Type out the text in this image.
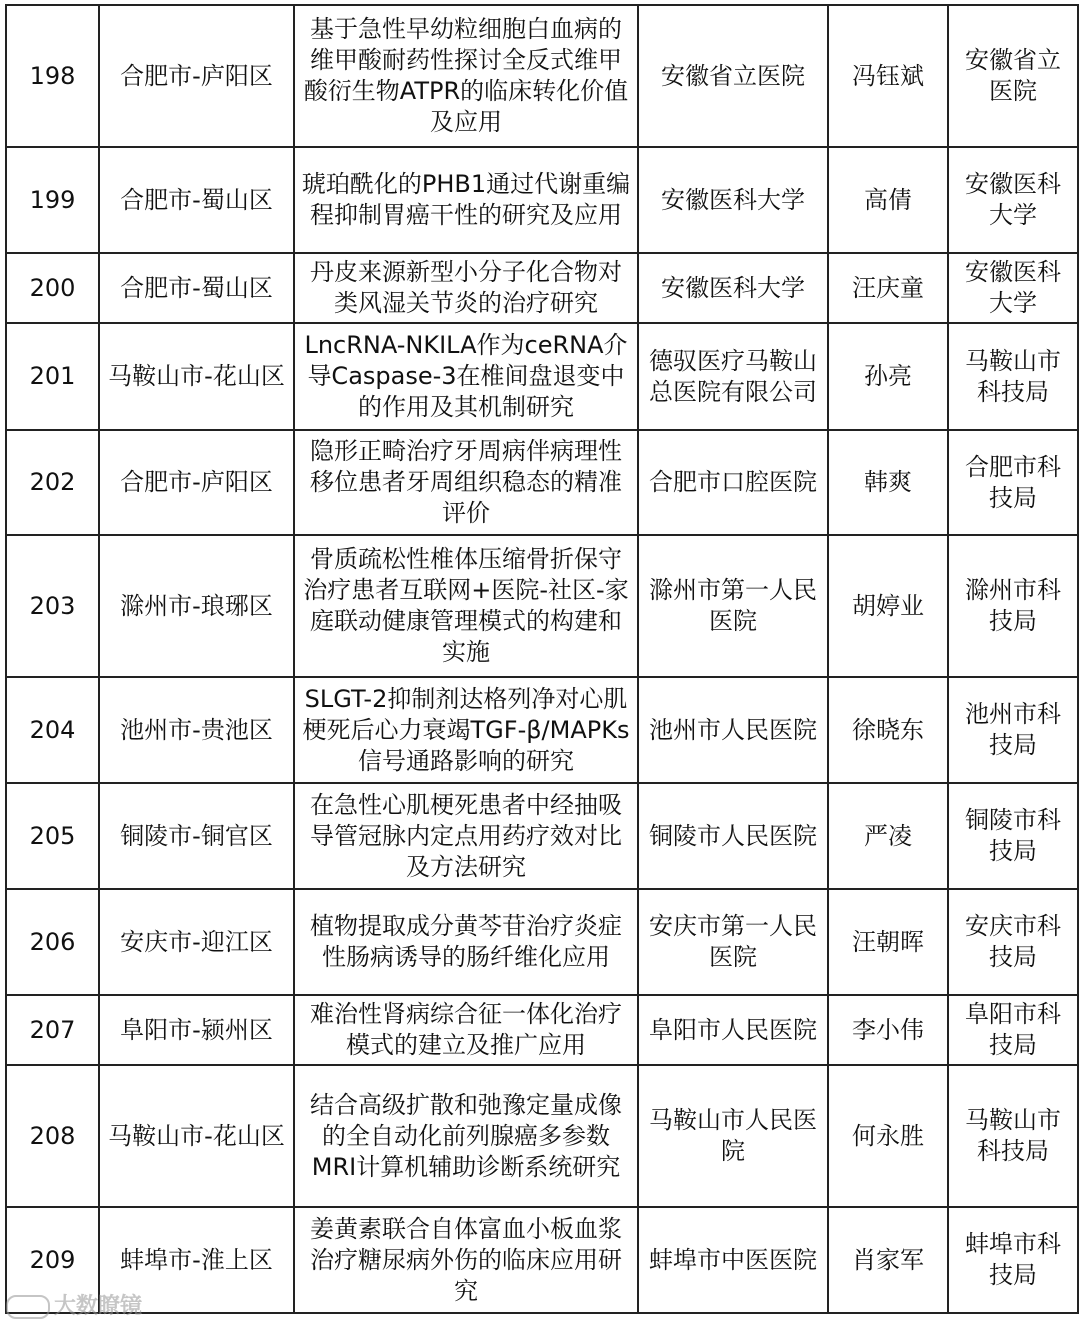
198	合肥市-庐阳区	基于急性早幼粒细胞白血病的维甲酸耐药性探讨全反式维甲酸衍生物ATPR的临床转化价值及应用	安徽省立医院	冯钰斌	安徽省立医院
199	合肥市-蜀山区	琥珀酰化的PHB1通过代谢重编程抑制胃癌干性的研究及应用	安徽医科大学	高倩	安徽医科大学
200	合肥市-蜀山区	丹皮来源新型小分子化合物对类风湿关节炎的治疗研究	安徽医科大学	汪庆童	安徽医科大学
201	马鞍山市-花山区	LncRNA-NKILA作为ceRNA介导Caspase-3在椎间盘退变中的作用及其机制研究	德驭医疗马鞍山总医院有限公司	孙亮	马鞍山市科技局
202	合肥市-庐阳区	隐形正畸治疗牙周病伴病理性移位患者牙周组织稳态的精准评价	合肥市口腔医院	韩爽	合肥市科技局
203	滁州市-琅琊区	骨质疏松性椎体压缩骨折保守治疗患者互联网+医院-社区-家庭联动健康管理模式的构建和实施	滁州市第一人民医院	胡婷业	滁州市科技局
204	池州市-贵池区	SLGT-2抑制剂达格列净对心肌梗死后心力衰竭TGF-β/MAPKs信号通路影响的研究	池州市人民医院	徐晓东	池州市科技局
205	铜陵市-铜官区	在急性心肌梗死患者中经抽吸导管冠脉内定点用药疗效对比及方法研究	铜陵市人民医院	严凌	铜陵市科技局
206	安庆市-迎江区	植物提取成分黄芩苷治疗炎症性肠病诱导的肠纤维化应用	安庆市第一人民医院	汪朝晖	安庆市科技局
207	阜阳市-颍州区	难治性肾病综合征一体化治疗模式的建立及推广应用	阜阳市人民医院	李小伟	阜阳市科技局
208	马鞍山市-花山区	结合高级扩散和弛豫定量成像的全自动化前列腺癌多参数MRI计算机辅助诊断系统研究	马鞍山市人民医院	何永胜	马鞍山市科技局
209	蚌埠市-淮上区	姜黄素联合自体富血小板血浆治疗糖尿病外伤的临床应用研究	蚌埠市中医医院	肖家军	蚌埠市科技局
大数瞭镜
